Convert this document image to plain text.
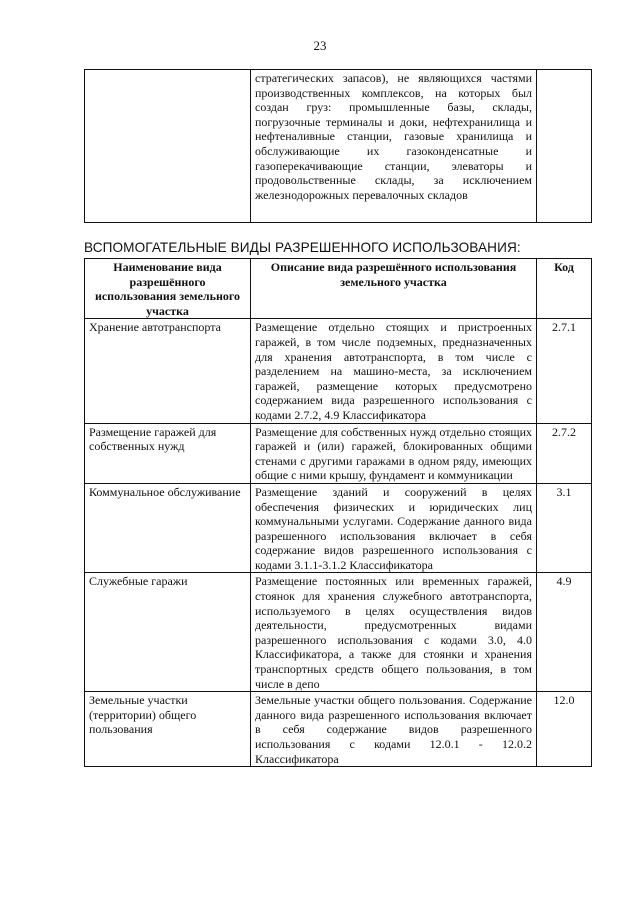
23
	стратегических запасов), не являющихся частями производственных комплексов, на которых был создан груз: промышленные базы, склады, погрузочные терминалы и доки, нефтехранилища и нефтеналивные станции, газовые хранилища и обслуживающие их газоконденсатные и газоперекачивающие станции, элеваторы и продовольственные склады, за исключением железнодорожных перевалочных складов	
ВСПОМОГАТЕЛЬНЫЕ ВИДЫ РАЗРЕШЕННОГО ИСПОЛЬЗОВАНИЯ:
Наименование вида разрешённого использования земельного участка	Описание вида разрешённого использования земельного участка	Код
Хранение автотранспорта	Размещение отдельно стоящих и пристроенных гаражей, в том числе подземных, предназначенных для хранения автотранспорта, в том числе с разделением на машино-места, за исключением гаражей, размещение которых предусмотрено содержанием вида разрешенного использования с кодами 2.7.2, 4.9 Классификатора	2.7.1
Размещение гаражей для собственных нужд	Размещение для собственных нужд отдельно стоящих гаражей и (или) гаражей, блокированных общими стенами с другими гаражами в одном ряду, имеющих общие с ними крышу, фундамент и коммуникации	2.7.2
Коммунальное обслуживание	Размещение зданий и сооружений в целях обеспечения физических и юридических лиц коммунальными услугами. Содержание данного вида разрешенного использования включает в себя содержание видов разрешенного использования с кодами 3.1.1-3.1.2 Классификатора	3.1
Служебные гаражи	Размещение постоянных или временных гаражей, стоянок для хранения служебного автотранспорта, используемого в целях осуществления видов деятельности, предусмотренных видами разрешенного использования с кодами 3.0, 4.0 Классификатора, а также для стоянки и хранения транспортных средств общего пользования, в том числе в депо	4.9
Земельные участки (территории) общего пользования	Земельные участки общего пользования. Содержание данного вида разрешенного использования включает в себя содержание видов разрешенного использования с кодами 12.0.1 - 12.0.2 Классификатора	12.0
